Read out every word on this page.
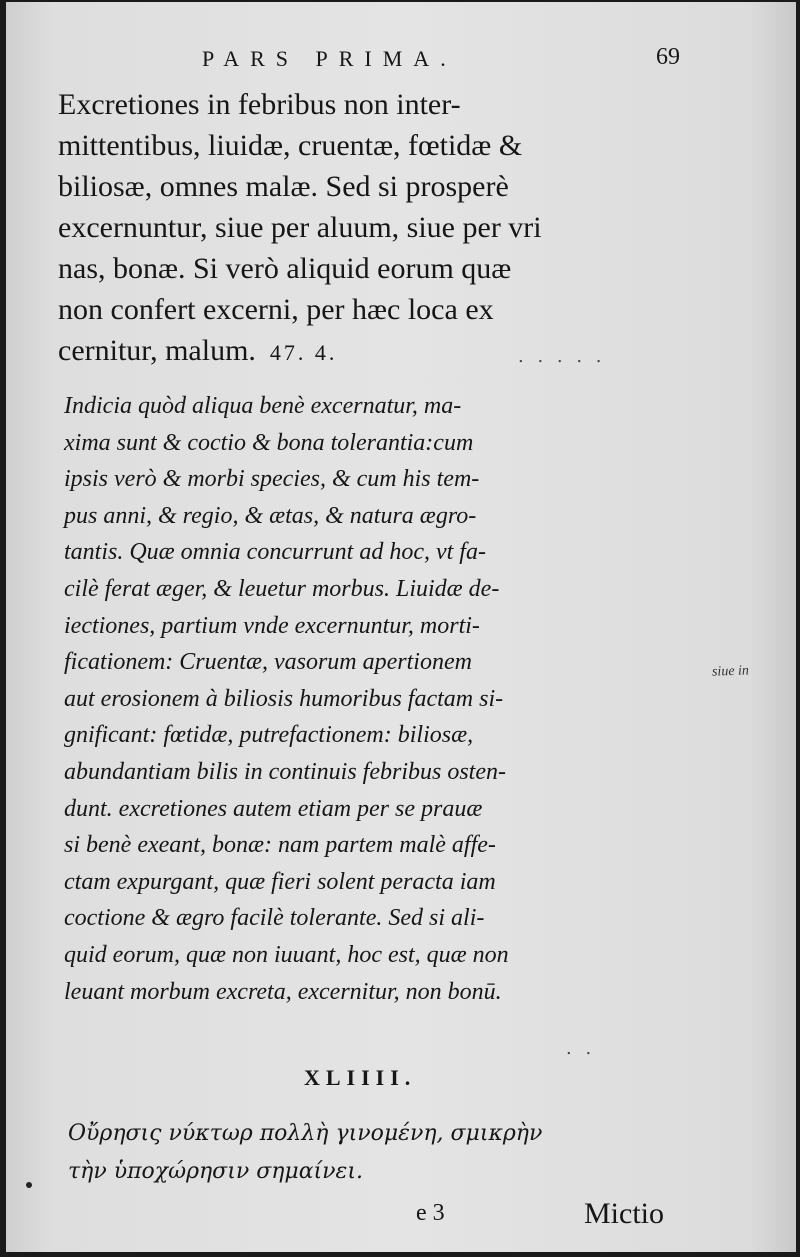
PARS PRIMA.	69
Excretiones in febribus non inter-
mittentibus, liuidæ, cruentæ, fœtidæ &
biliosæ, omnes malæ. Sed si prosperè
excernuntur, siue per aluum, siue per vri
nas, bonæ. Si verò aliquid eorum quæ
non confert excerni, per hæc loca ex
cernitur, malum. 47. 4.	. . . . .
Indicia quòd aliqua benè excernatur, ma-
xima sunt & coctio & bona tolerantia:cum
ipsis verò & morbi species, & cum his tem-
pus anni, & regio, & ætas, & natura ægro-
tantis. Quæ omnia concurrunt ad hoc, vt fa-
cilè ferat æger, & leuetur morbus. Liuidæ de-
iectiones, partium vnde excernuntur, morti-
ficationem: Cruentæ, vasorum apertionem
aut erosionem à biliosis humoribus factam si-
gnificant: fœtidæ, putrefactionem: biliosæ,
abundantiam bilis in continuis febribus osten-
dunt. excretiones autem etiam per se prauæ
si benè exeant, bonæ: nam partem malè affe-
ctam expurgant, quæ fieri solent peracta iam
coctione & ægro facilè tolerante. Sed si ali-
quid eorum, quæ non iuuant, hoc est, quæ non
leuant morbum excreta, excernitur, non bonū.
siue in
. .
XLIIII.
Οὔρησις νύκτωρ πολλὴ γινομένη, σμικρὴν
τὴν ὑποχώρησιν σημαίνει.
e 3	Mictio
